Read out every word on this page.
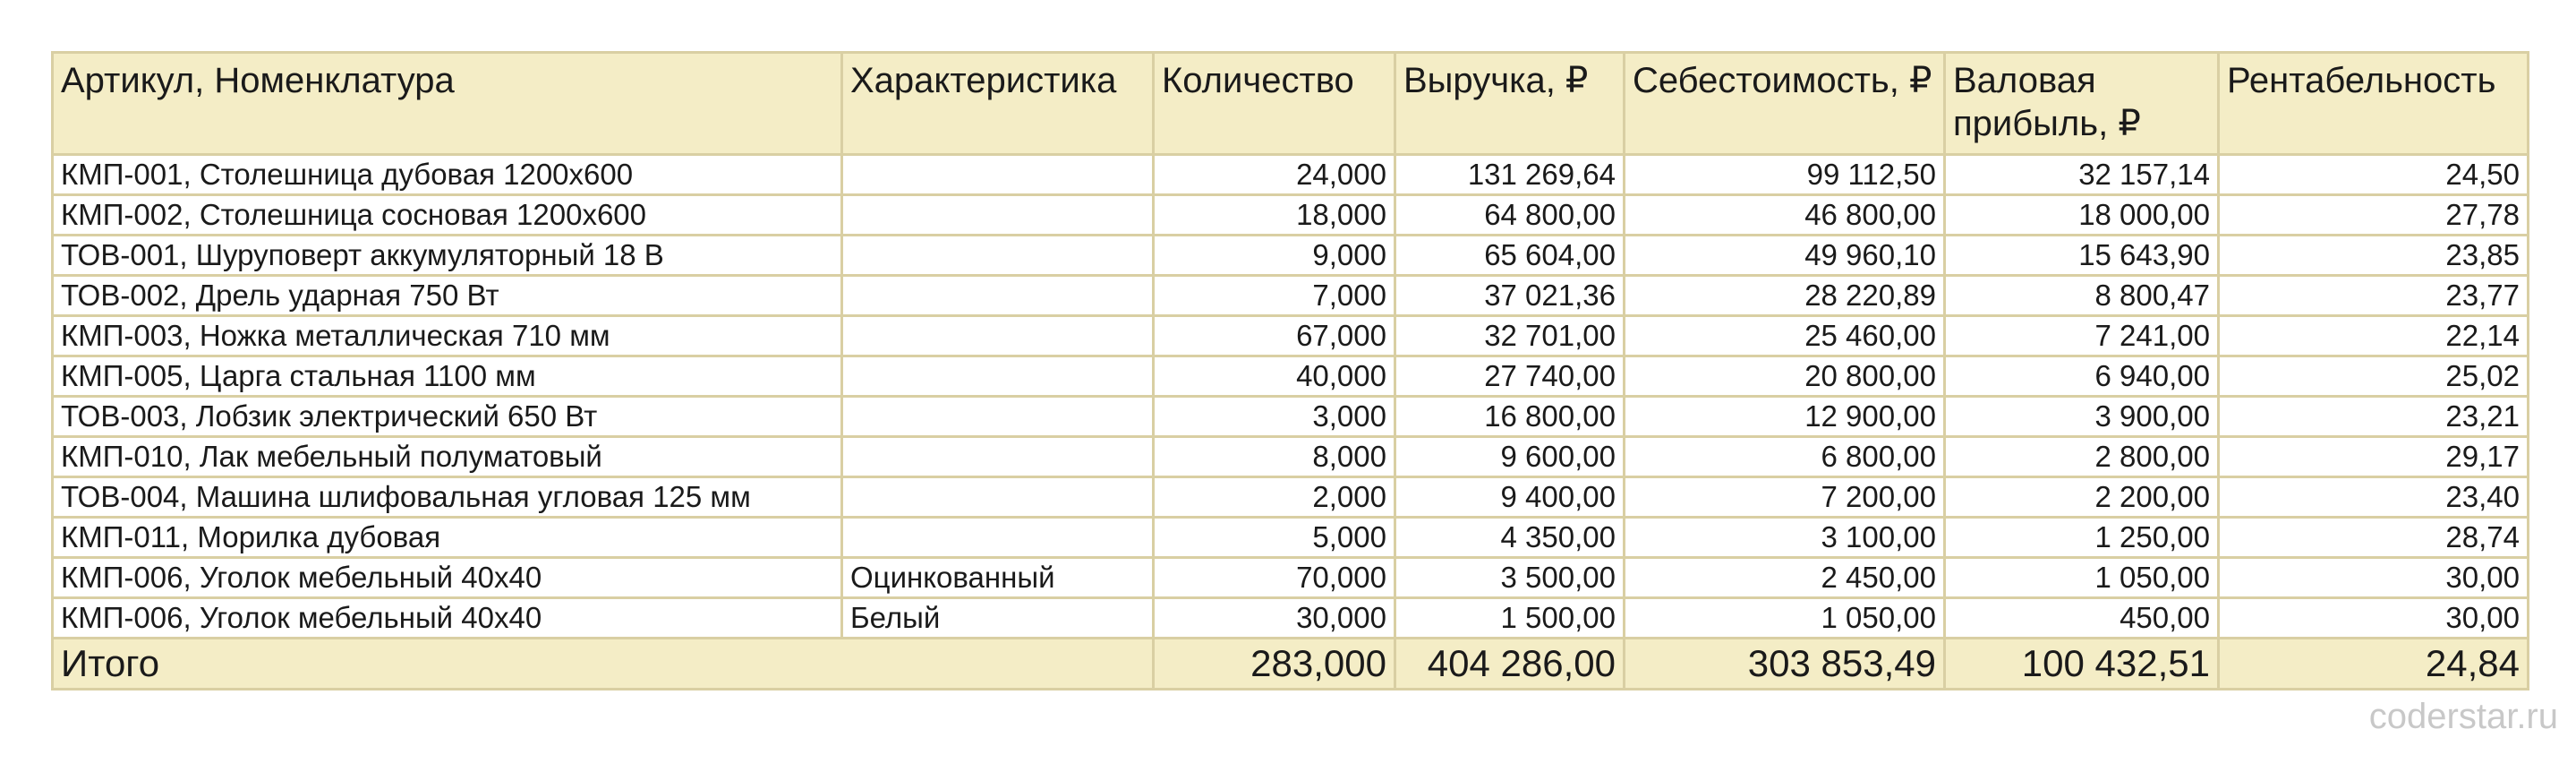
Артикул, Номенклатура	Характеристика	Количество	Выручка, ₽	Себестоимость, ₽	Валовая прибыль, ₽	Рентабельность
КМП-001, Столешница дубовая 1200х600		24,000	131 269,64	99 112,50	32 157,14	24,50
КМП-002, Столешница сосновая 1200х600		18,000	64 800,00	46 800,00	18 000,00	27,78
ТОВ-001, Шуруповерт аккумуляторный 18 В		9,000	65 604,00	49 960,10	15 643,90	23,85
ТОВ-002, Дрель ударная 750 Вт		7,000	37 021,36	28 220,89	8 800,47	23,77
КМП-003, Ножка металлическая 710 мм		67,000	32 701,00	25 460,00	7 241,00	22,14
КМП-005, Царга стальная 1100 мм		40,000	27 740,00	20 800,00	6 940,00	25,02
ТОВ-003, Лобзик электрический 650 Вт		3,000	16 800,00	12 900,00	3 900,00	23,21
КМП-010, Лак мебельный полуматовый		8,000	9 600,00	6 800,00	2 800,00	29,17
ТОВ-004, Машина шлифовальная угловая 125 мм		2,000	9 400,00	7 200,00	2 200,00	23,40
КМП-011, Морилка дубовая		5,000	4 350,00	3 100,00	1 250,00	28,74
КМП-006, Уголок мебельный 40х40	Оцинкованный	70,000	3 500,00	2 450,00	1 050,00	30,00
КМП-006, Уголок мебельный 40х40	Белый	30,000	1 500,00	1 050,00	450,00	30,00
Итого		283,000	404 286,00	303 853,49	100 432,51	24,84
coderstar.ru
